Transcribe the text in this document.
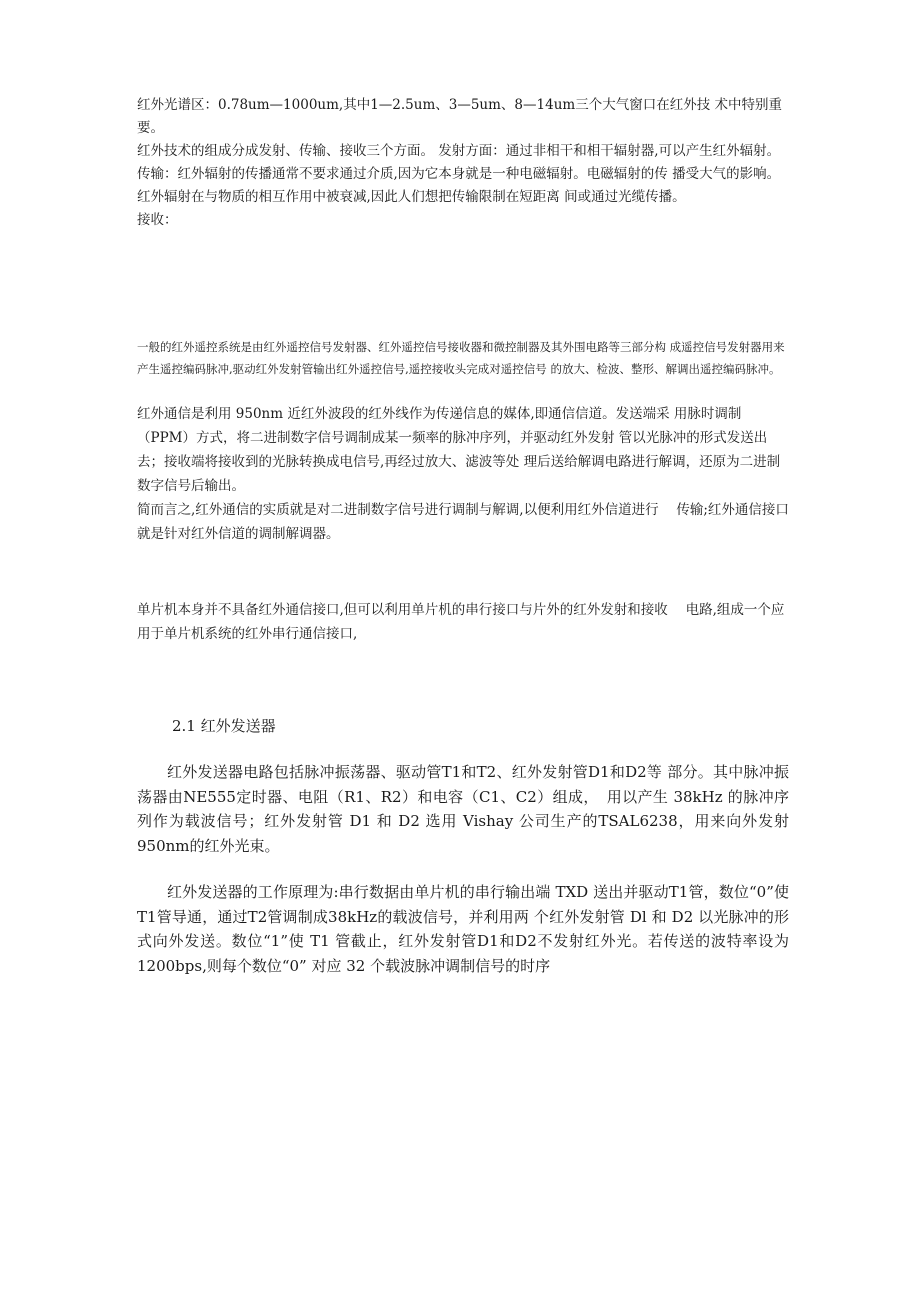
红外光谱区：0.78um—1000um,其中1—2.5um、3—5um、8—14um三个大气窗口在红外技 术中特别重要。

红外技术的组成分成发射、传输、接收三个方面。 发射方面：通过非相干和相干辐射器,可以产生红外辐射。

传输：红外辐射的传播通常不要求通过介质,因为它本身就是一种电磁辐射。电磁辐射的传 播受大气的影响。红外辐射在与物质的相互作用中被衰减,因此人们想把传输限制在短距离 间或通过光缆传播。

接收：

一般的红外遥控系统是由红外遥控信号发射器、红外遥控信号接收器和微控制器及其外围电路等三部分构 成遥控信号发射器用来产生遥控编码脉冲,驱动红外发射管输出红外遥控信号,遥控接收头完成对遥控信号 的放大、检波、整形、解调出遥控编码脉冲。

红外通信是利用 950nm 近红外波段的红外线作为传递信息的媒体,即通信信道。发送端采 用脉时调制（PPM）方式，将二进制数字信号调制成某一频率的脉冲序列，并驱动红外发射 管以光脉冲的形式发送出去；接收端将接收到的光脉转换成电信号,再经过放大、滤波等处 理后送给解调电路进行解调，还原为二进制数字信号后输出。

简而言之,红外通信的实质就是对二进制数字信号进行调制与解调,以便利用红外信道进行　 传输;红外通信接口就是针对红外信道的调制解调器。

单片机本身并不具备红外通信接口,但可以利用单片机的串行接口与片外的红外发射和接收　 电路,组成一个应用于单片机系统的红外串行通信接口,

2.1 红外发送器

红外发送器电路包括脉冲振荡器、驱动管T1和T2、红外发射管D1和D2等 部分。其中脉冲振荡器由NE555定时器、电阻（R1、R2）和电容（C1、C2）组成，　用以产生 38kHz 的脉冲序列作为载波信号；红外发射管 D1 和 D2 选用 Vishay 公司生产的TSAL6238，用来向外发射950nm的红外光束。

红外发送器的工作原理为:串行数据由单片机的串行输出端 TXD 送出并驱动T1管，数位“0”使T1管导通，通过T2管调制成38kHz的载波信号，并利用两 个红外发射管 Dl 和 D2 以光脉冲的形式向外发送。数位“1”使 T1 管截止，红外发射管D1和D2不发射红外光。若传送的波特率设为1200bps,则每个数位“0” 对应 32 个载波脉冲调制信号的时序
